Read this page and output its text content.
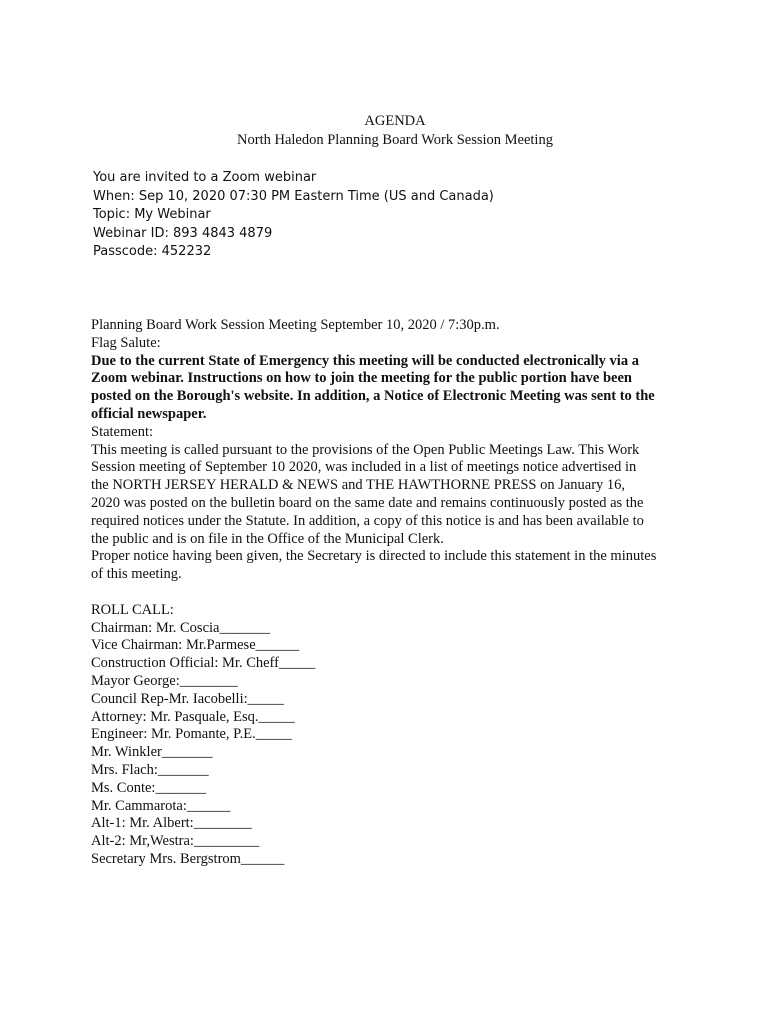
AGENDA
North Haledon Planning Board Work Session Meeting
You are invited to a Zoom webinar
When: Sep 10, 2020 07:30 PM Eastern Time (US and Canada)
Topic: My Webinar
Webinar ID: 893 4843 4879
Passcode: 452232
Planning Board Work Session Meeting September 10, 2020 / 7:30p.m.
Flag Salute:
Due to the current State of Emergency this meeting will be conducted electronically via a
Zoom webinar. Instructions on how to join the meeting for the public portion have been
posted on the Borough's website. In addition, a Notice of Electronic Meeting was sent to the
official newspaper.
Statement:
This meeting is called pursuant to the provisions of the Open Public Meetings Law. This Work
Session meeting of September 10 2020, was included in a list of meetings notice advertised in
the NORTH JERSEY HERALD & NEWS and THE HAWTHORNE PRESS on January 16,
2020 was posted on the bulletin board on the same date and remains continuously posted as the
required notices under the Statute. In addition, a copy of this notice is and has been available to
the public and is on file in the Office of the Municipal Clerk.
Proper notice having been given, the Secretary is directed to include this statement in the minutes
of this meeting.
ROLL CALL:
Chairman: Mr. Coscia_______
Vice Chairman: Mr.Parmese______
Construction Official: Mr. Cheff_____
Mayor George:________
Council Rep-Mr. Iacobelli:_____
Attorney: Mr. Pasquale, Esq._____
Engineer: Mr. Pomante, P.E._____
Mr. Winkler_______
Mrs. Flach:_______
Ms. Conte:_______
Mr. Cammarota:______
Alt-1: Mr. Albert:________
Alt-2: Mr,Westra:_________
Secretary Mrs. Bergstrom______
